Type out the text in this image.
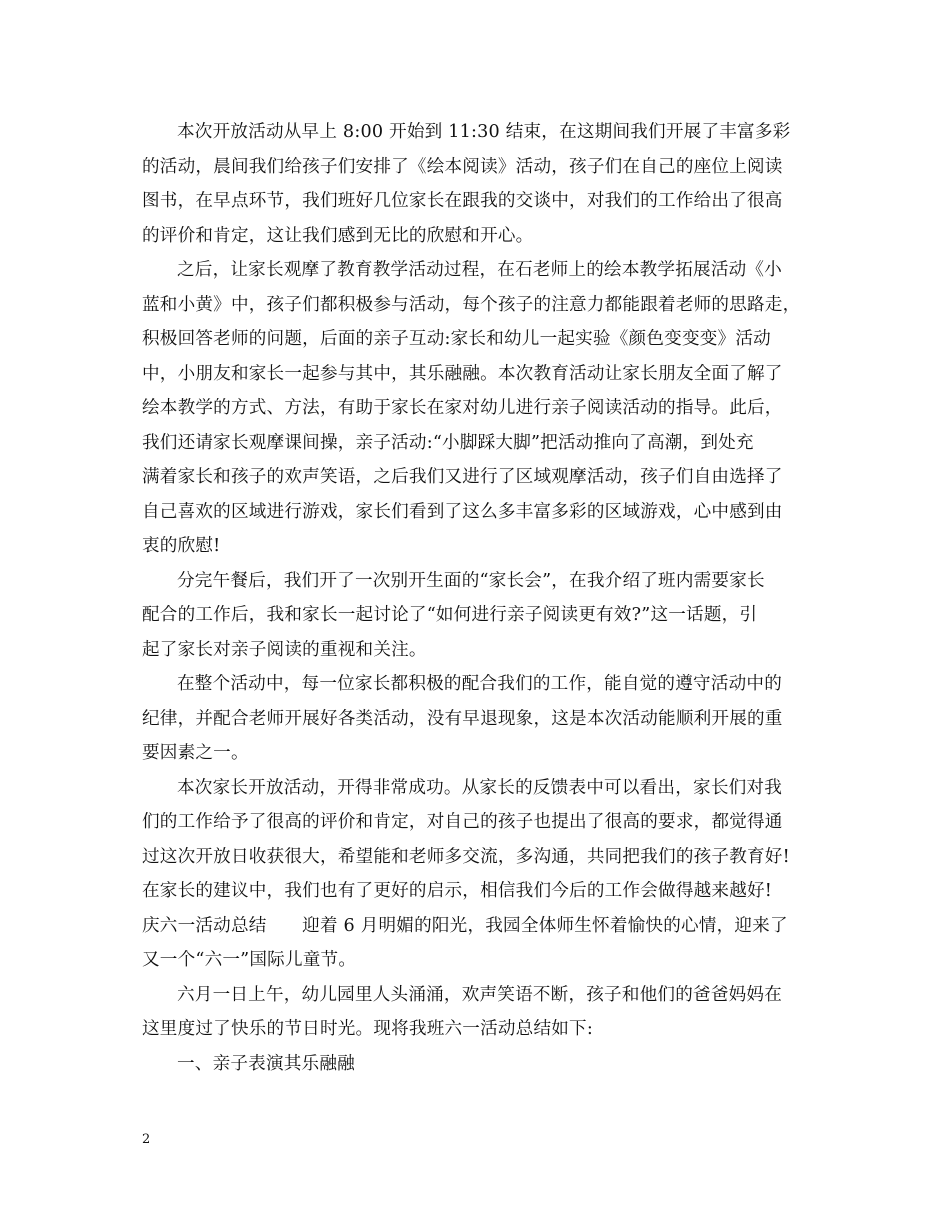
本次开放活动从早上 8:00 开始到 11:30 结束，在这期间我们开展了丰富多彩
的活动，晨间我们给孩子们安排了《绘本阅读》活动，孩子们在自己的座位上阅读
图书，在早点环节，我们班好几位家长在跟我的交谈中，对我们的工作给出了很高
的评价和肯定，这让我们感到无比的欣慰和开心。
之后，让家长观摩了教育教学活动过程，在石老师上的绘本教学拓展活动《小
蓝和小黄》中，孩子们都积极参与活动，每个孩子的注意力都能跟着老师的思路走，
积极回答老师的问题，后面的亲子互动:家长和幼儿一起实验《颜色变变变》活动
中，小朋友和家长一起参与其中，其乐融融。本次教育活动让家长朋友全面了解了
绘本教学的方式、方法，有助于家长在家对幼儿进行亲子阅读活动的指导。此后，
我们还请家长观摩课间操，亲子活动:“小脚踩大脚”把活动推向了高潮，到处充
满着家长和孩子的欢声笑语，之后我们又进行了区域观摩活动，孩子们自由选择了
自己喜欢的区域进行游戏，家长们看到了这么多丰富多彩的区域游戏，心中感到由
衷的欣慰!
分完午餐后，我们开了一次别开生面的“家长会”，在我介绍了班内需要家长
配合的工作后，我和家长一起讨论了“如何进行亲子阅读更有效?”这一话题，引
起了家长对亲子阅读的重视和关注。
在整个活动中，每一位家长都积极的配合我们的工作，能自觉的遵守活动中的
纪律，并配合老师开展好各类活动，没有早退现象，这是本次活动能顺利开展的重
要因素之一。
本次家长开放活动，开得非常成功。从家长的反馈表中可以看出，家长们对我
们的工作给予了很高的评价和肯定，对自己的孩子也提出了很高的要求，都觉得通
过这次开放日收获很大，希望能和老师多交流，多沟通，共同把我们的孩子教育好!
在家长的建议中，我们也有了更好的启示，相信我们今后的工作会做得越来越好!
庆六一活动总结　　迎着 6 月明媚的阳光，我园全体师生怀着愉快的心情，迎来了
又一个“六一”国际儿童节。
六月一日上午，幼儿园里人头涌涌，欢声笑语不断，孩子和他们的爸爸妈妈在
这里度过了快乐的节日时光。现将我班六一活动总结如下:
一、亲子表演其乐融融
2
